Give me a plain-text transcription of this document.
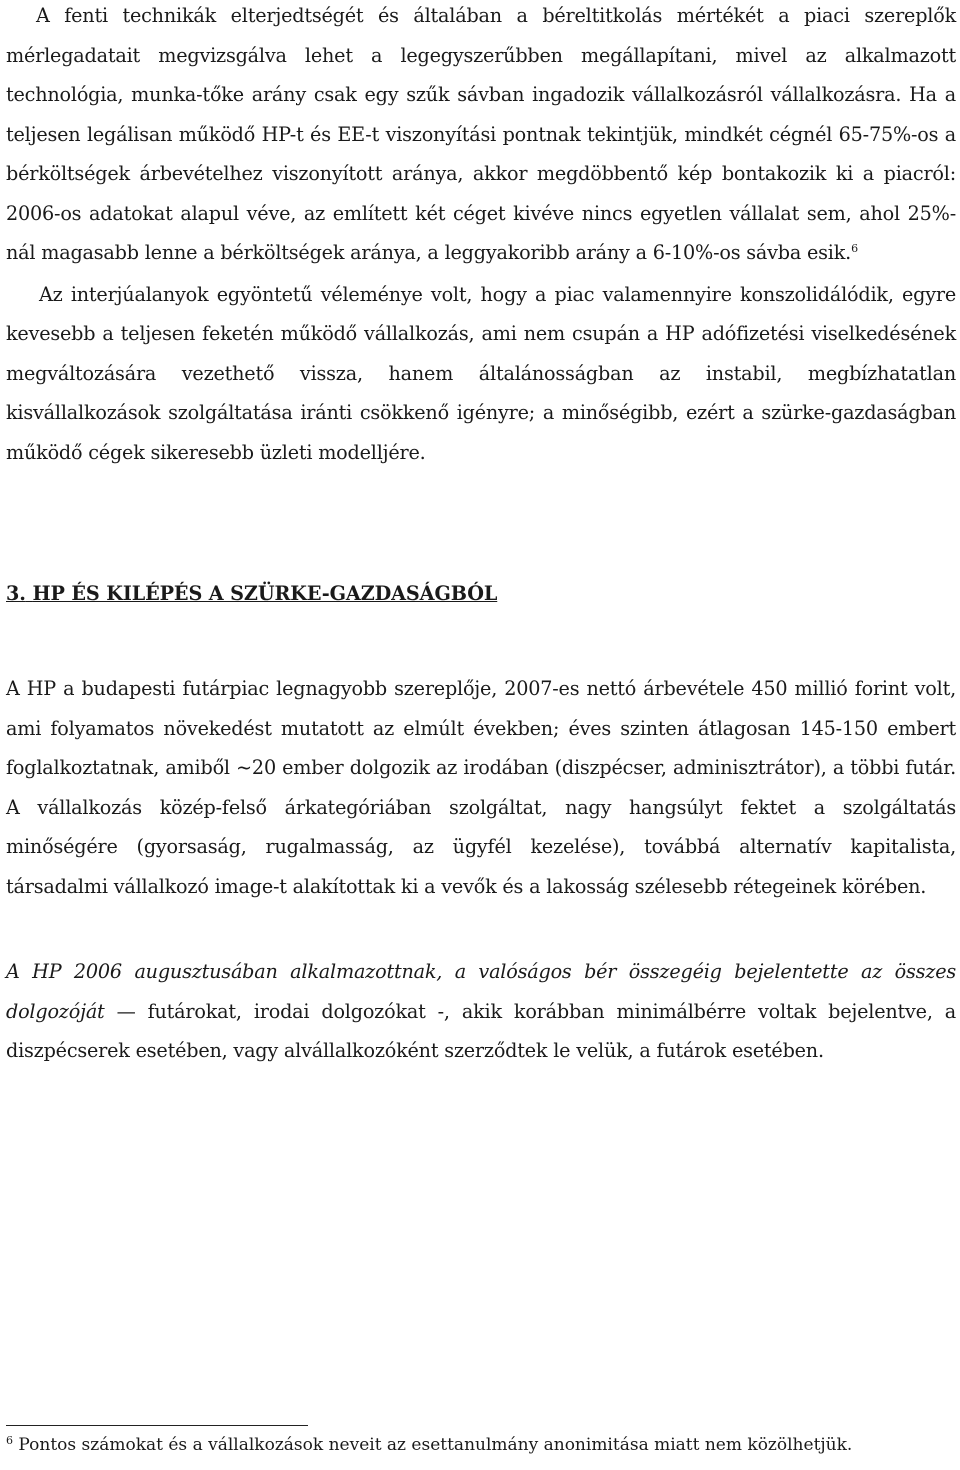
A fenti technikák elterjedtségét és általában a béreltitkolás mértékét a piaci szereplők mérlegadatait megvizsgálva lehet a legegyszerűbben megállapítani, mivel az alkalmazott technológia, munka-tőke arány csak egy szűk sávban ingadozik vállalkozásról vállalkozásra. Ha a teljesen legálisan működő HP-t és EE-t viszonyítási pontnak tekintjük, mindkét cégnél 65-75%-os a bérköltségek árbevételhez viszonyított aránya, akkor megdöbbentő kép bontakozik ki a piacról: 2006-os adatokat alapul véve, az említett két céget kivéve nincs egyetlen vállalat sem, ahol 25%-nál magasabb lenne a bérköltségek aránya, a leggyakoribb arány a 6-10%-os sávba esik.$^6$

Az interjúalanyok egyöntetű véleménye volt, hogy a piac valamennyire konszolidálódik, egyre kevesebb a teljesen feketén működő vállalkozás, ami nem csupán a HP adófizetési viselkedésének megváltozására vezethető vissza, hanem általánosságban az instabil, megbízhatatlan kisvállalkozások szolgáltatása iránti csökkenő igényre; a minőségibb, ezért a szürke-gazdaságban működő cégek sikeresebb üzleti modelljére.

3. HP ÉS KILÉPÉS A SZÜRKE-GAZDASÁGBÓL

A HP a budapesti futárpiac legnagyobb szereplője, 2007-es nettó árbevétele 450 millió forint volt, ami folyamatos növekedést mutatott az elmúlt években; éves szinten átlagosan 145-150 embert foglalkoztatnak, amiből ~20 ember dolgozik az irodában (diszpécser, adminisztrátor), a többi futár. A vállalkozás közép-felső árkategóriában szolgáltat, nagy hangsúlyt fektet a szolgáltatás minőségére (gyorsaság, rugalmasság, az ügyfél kezelése), továbbá alternatív kapitalista, társadalmi vállalkozó image-t alakítottak ki a vevők és a lakosság szélesebb rétegeinek körében.

A HP 2006 augusztusában alkalmazottnak, a valóságos bér összegéig bejelentette az összes dolgozóját — futárokat, irodai dolgozókat -, akik korábban minimálbérre voltak bejelentve, a diszpécserek esetében, vagy alvállalkozóként szerződtek le velük, a futárok esetében.

$^6$ Pontos számokat és a vállalkozások neveit az esettanulmány anonimitása miatt nem közölhetjük.
